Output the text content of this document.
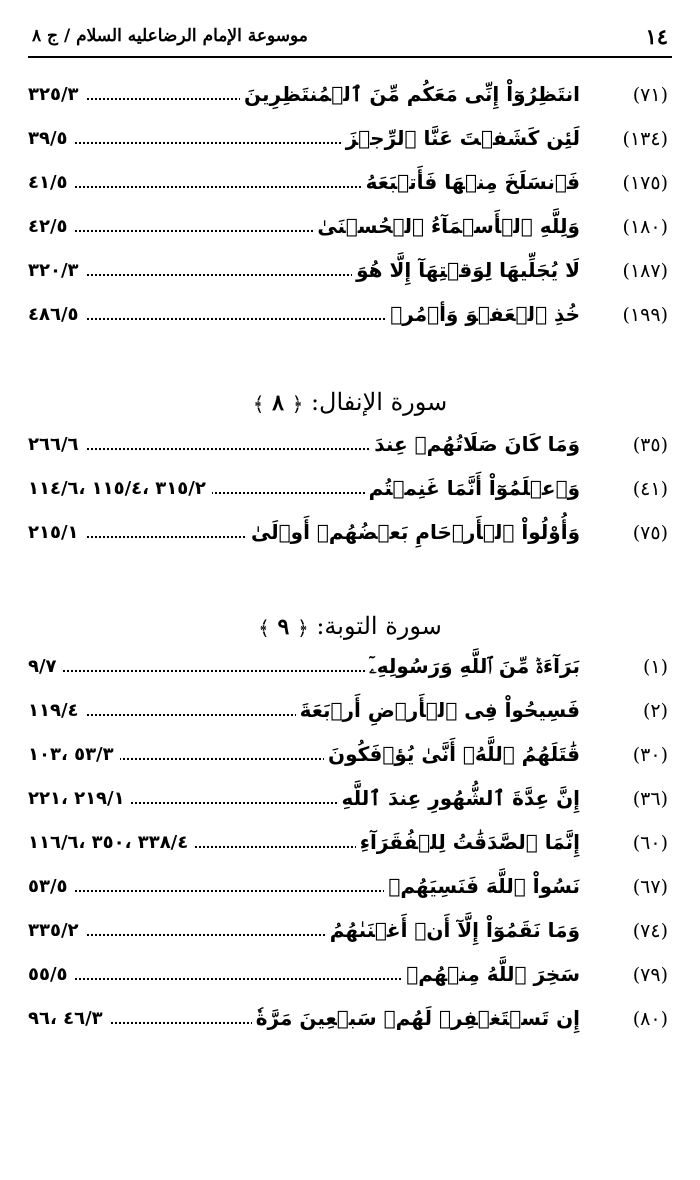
١٤
موسوعة الإمام الرضاعليه السلام / ج ٨
(٧١)
انتَظِرُوٓاْ إِنِّى مَعَكُم مِّنَ ٱلۡمُنتَظِرِينَ
٣٢٥/٣
(١٣٤)
لَئِن كَشَفۡتَ عَنَّا ٱلرِّجۡزَ
٣٩/٥
(١٧٥)
فَٱنسَلَخَ مِنۡهَا فَأَتۡبَعَهُ
٤١/٥
(١٨٠)
وَلِلَّهِ ٱلۡأَسۡمَآءُ ٱلۡحُسۡنَىٰ
٤٢/٥
(١٨٧)
لَا يُجَلِّيهَا لِوَقۡتِهَآ إِلَّا هُوَ
٣٢٠/٣
(١٩٩)
خُذِ ٱلۡعَفۡوَ وَأۡمُرۡ
٤٨٦/٥
سورة الإنفال: ﴿ ٨ ﴾
(٣٥)
وَمَا كَانَ صَلَاتُهُمۡ عِندَ
٢٦٦/٦
(٤١)
وَٱعۡلَمُوٓاْ أَنَّمَا غَنِمۡتُم
٣١٥/٢ ،١١٥/٤ ،١١٤/٦
(٧٥)
وَأُوْلُواْ ٱلۡأَرۡحَامِ بَعۡضُهُمۡ أَوۡلَىٰ
٢١٥/١
سورة التوبة: ﴿ ٩ ﴾
(١)
بَرَآءَةٞ مِّنَ ٱللَّهِ وَرَسُولِهِۦٓ
٩/٧
(٢)
فَسِيحُواْ فِى ٱلۡأَرۡضِ أَرۡبَعَةَ
١١٩/٤
(٣٠)
قَٰتَلَهُمُ ٱللَّهُۖ أَنَّىٰ يُؤۡفَكُونَ
٥٣/٣ ،١٠٣
(٣٦)
إِنَّ عِدَّةَ ٱلشُّهُورِ عِندَ ٱللَّهِ
٢١٩/١ ،٢٢١
(٦٠)
إِنَّمَا ٱلصَّدَقَٰتُ لِلۡفُقَرَآءِ
٣٣٨/٤ ،٣٥٠ ،١١٦/٦
(٦٧)
نَسُواْ ٱللَّهَ فَنَسِيَهُمۡ
٥٣/٥
(٧٤)
وَمَا نَقَمُوٓاْ إِلَّآ أَنۡ أَغۡنَىٰهُمُ
٣٣٥/٢
(٧٩)
سَخِرَ ٱللَّهُ مِنۡهُمۡ
٥٥/٥
(٨٠)
إِن تَسۡتَغۡفِرۡ لَهُمۡ سَبۡعِينَ مَرَّةٗ
٤٦/٣ ،٩٦
